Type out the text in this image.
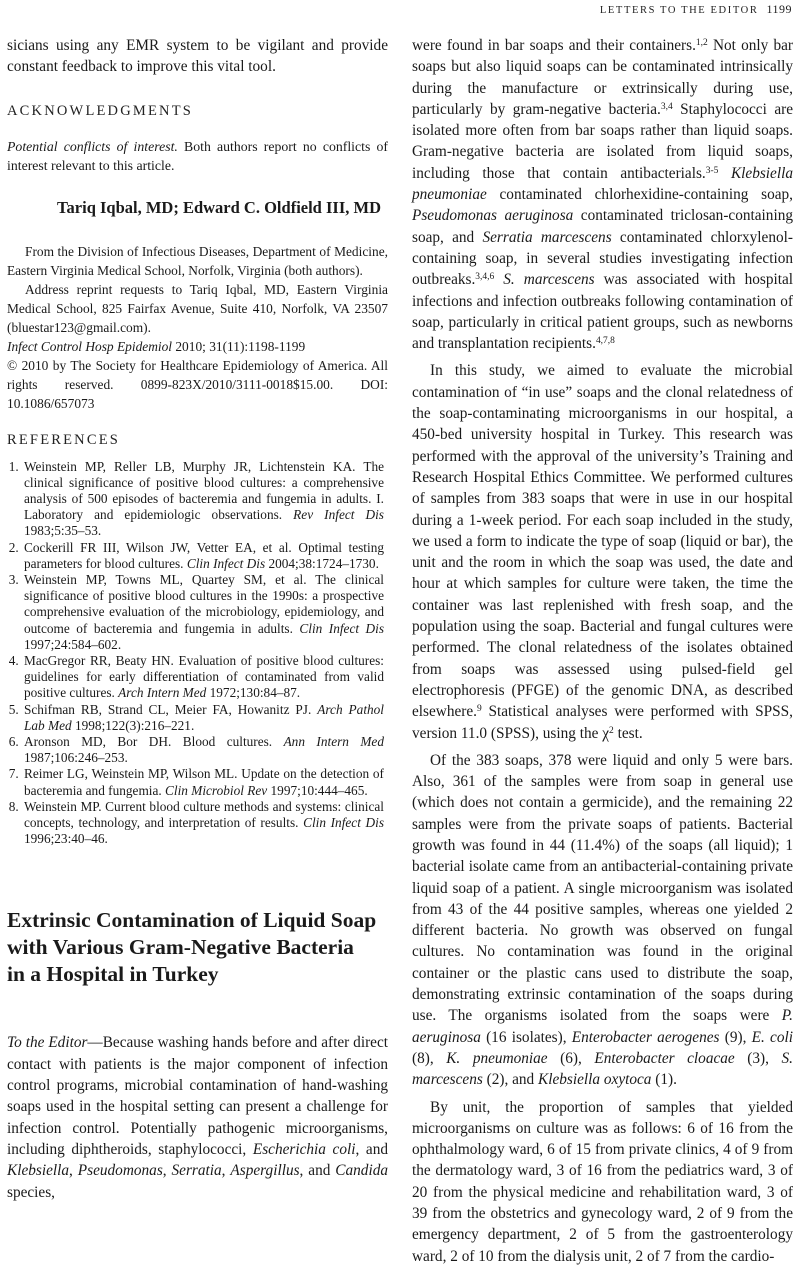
LETTERS TO THE EDITOR 1199

sicians using any EMR system to be vigilant and provide constant feedback to improve this vital tool.

ACKNOWLEDGMENTS

Potential conflicts of interest. Both authors report no conflicts of interest relevant to this article.

Tariq Iqbal, MD; Edward C. Oldfield III, MD

From the Division of Infectious Diseases, Department of Medicine, Eastern Virginia Medical School, Norfolk, Virginia (both authors).

Address reprint requests to Tariq Iqbal, MD, Eastern Virginia Medical School, 825 Fairfax Avenue, Suite 410, Norfolk, VA 23507 (bluestar123@gmail.com).

Infect Control Hosp Epidemiol 2010; 31(11):1198-1199

© 2010 by The Society for Healthcare Epidemiology of America. All rights reserved. 0899-823X/2010/3111-0018$15.00. DOI: 10.1086/657073

REFERENCES
1. Weinstein MP, Reller LB, Murphy JR, Lichtenstein KA. The clinical significance of positive blood cultures: a comprehensive analysis of 500 episodes of bacteremia and fungemia in adults. I. Laboratory and epidemiologic observations. Rev Infect Dis 1983;5:35–53.
2. Cockerill FR III, Wilson JW, Vetter EA, et al. Optimal testing parameters for blood cultures. Clin Infect Dis 2004;38:1724–1730.
3. Weinstein MP, Towns ML, Quartey SM, et al. The clinical significance of positive blood cultures in the 1990s: a prospective comprehensive evaluation of the microbiology, epidemiology, and outcome of bacteremia and fungemia in adults. Clin Infect Dis 1997;24:584–602.
4. MacGregor RR, Beaty HN. Evaluation of positive blood cultures: guidelines for early differentiation of contaminated from valid positive cultures. Arch Intern Med 1972;130:84–87.
5. Schifman RB, Strand CL, Meier FA, Howanitz PJ. Arch Pathol Lab Med 1998;122(3):216–221.
6. Aronson MD, Bor DH. Blood cultures. Ann Intern Med 1987;106:246–253.
7. Reimer LG, Weinstein MP, Wilson ML. Update on the detection of bacteremia and fungemia. Clin Microbiol Rev 1997;10:444–465.
8. Weinstein MP. Current blood culture methods and systems: clinical concepts, technology, and interpretation of results. Clin Infect Dis 1996;23:40–46.
Extrinsic Contamination of Liquid Soap
with Various Gram-Negative Bacteria
in a Hospital in Turkey

To the Editor—Because washing hands before and after direct contact with patients is the major component of infection control programs, microbial contamination of hand-washing soaps used in the hospital setting can present a challenge for infection control. Potentially pathogenic microorganisms, including diphtheroids, staphylococci, Escherichia coli, and Klebsiella, Pseudomonas, Serratia, Aspergillus, and Candida species,

were found in bar soaps and their containers.$^{1,2}$ Not only bar soaps but also liquid soaps can be contaminated intrinsically during the manufacture or extrinsically during use, particularly by gram-negative bacteria.$^{3,4}$ Staphylococci are isolated more often from bar soaps rather than liquid soaps. Gram-negative bacteria are isolated from liquid soaps, including those that contain antibacterials.$^{3-5}$ Klebsiella pneumoniae contaminated chlorhexidine-containing soap, Pseudomonas aeruginosa contaminated triclosan-containing soap, and Serratia marcescens contaminated chlorxylenol-containing soap, in several studies investigating infection outbreaks.$^{3,4,6}$ S. marcescens was associated with hospital infections and infection outbreaks following contamination of soap, particularly in critical patient groups, such as newborns and transplantation recipients.$^{4,7,8}$

In this study, we aimed to evaluate the microbial contamination of “in use” soaps and the clonal relatedness of the soap-contaminating microorganisms in our hospital, a 450-bed university hospital in Turkey. This research was performed with the approval of the university’s Training and Research Hospital Ethics Committee. We performed cultures of samples from 383 soaps that were in use in our hospital during a 1-week period. For each soap included in the study, we used a form to indicate the type of soap (liquid or bar), the unit and the room in which the soap was used, the date and hour at which samples for culture were taken, the time the container was last replenished with fresh soap, and the population using the soap. Bacterial and fungal cultures were performed. The clonal relatedness of the isolates obtained from soaps was assessed using pulsed-field gel electrophoresis (PFGE) of the genomic DNA, as described elsewhere.$^9$ Statistical analyses were performed with SPSS, version 11.0 (SPSS), using the $\chi^2$ test.

Of the 383 soaps, 378 were liquid and only 5 were bars. Also, 361 of the samples were from soap in general use (which does not contain a germicide), and the remaining 22 samples were from the private soaps of patients. Bacterial growth was found in 44 (11.4%) of the soaps (all liquid); 1 bacterial isolate came from an antibacterial-containing private liquid soap of a patient. A single microorganism was isolated from 43 of the 44 positive samples, whereas one yielded 2 different bacteria. No growth was observed on fungal cultures. No contamination was found in the original container or the plastic cans used to distribute the soap, demonstrating extrinsic contamination of the soaps during use. The organisms isolated from the soaps were P. aeruginosa (16 isolates), Enterobacter aerogenes (9), E. coli (8), K. pneumoniae (6), Enterobacter cloacae (3), S. marcescens (2), and Klebsiella oxytoca (1).

By unit, the proportion of samples that yielded microorganisms on culture was as follows: 6 of 16 from the ophthalmology ward, 6 of 15 from private clinics, 4 of 9 from the dermatology ward, 3 of 16 from the pediatrics ward, 3 of 20 from the physical medicine and rehabilitation ward, 3 of 39 from the obstetrics and gynecology ward, 2 of 9 from the emergency department, 2 of 5 from the gastroenterology ward, 2 of 10 from the dialysis unit, 2 of 7 from the cardio-
